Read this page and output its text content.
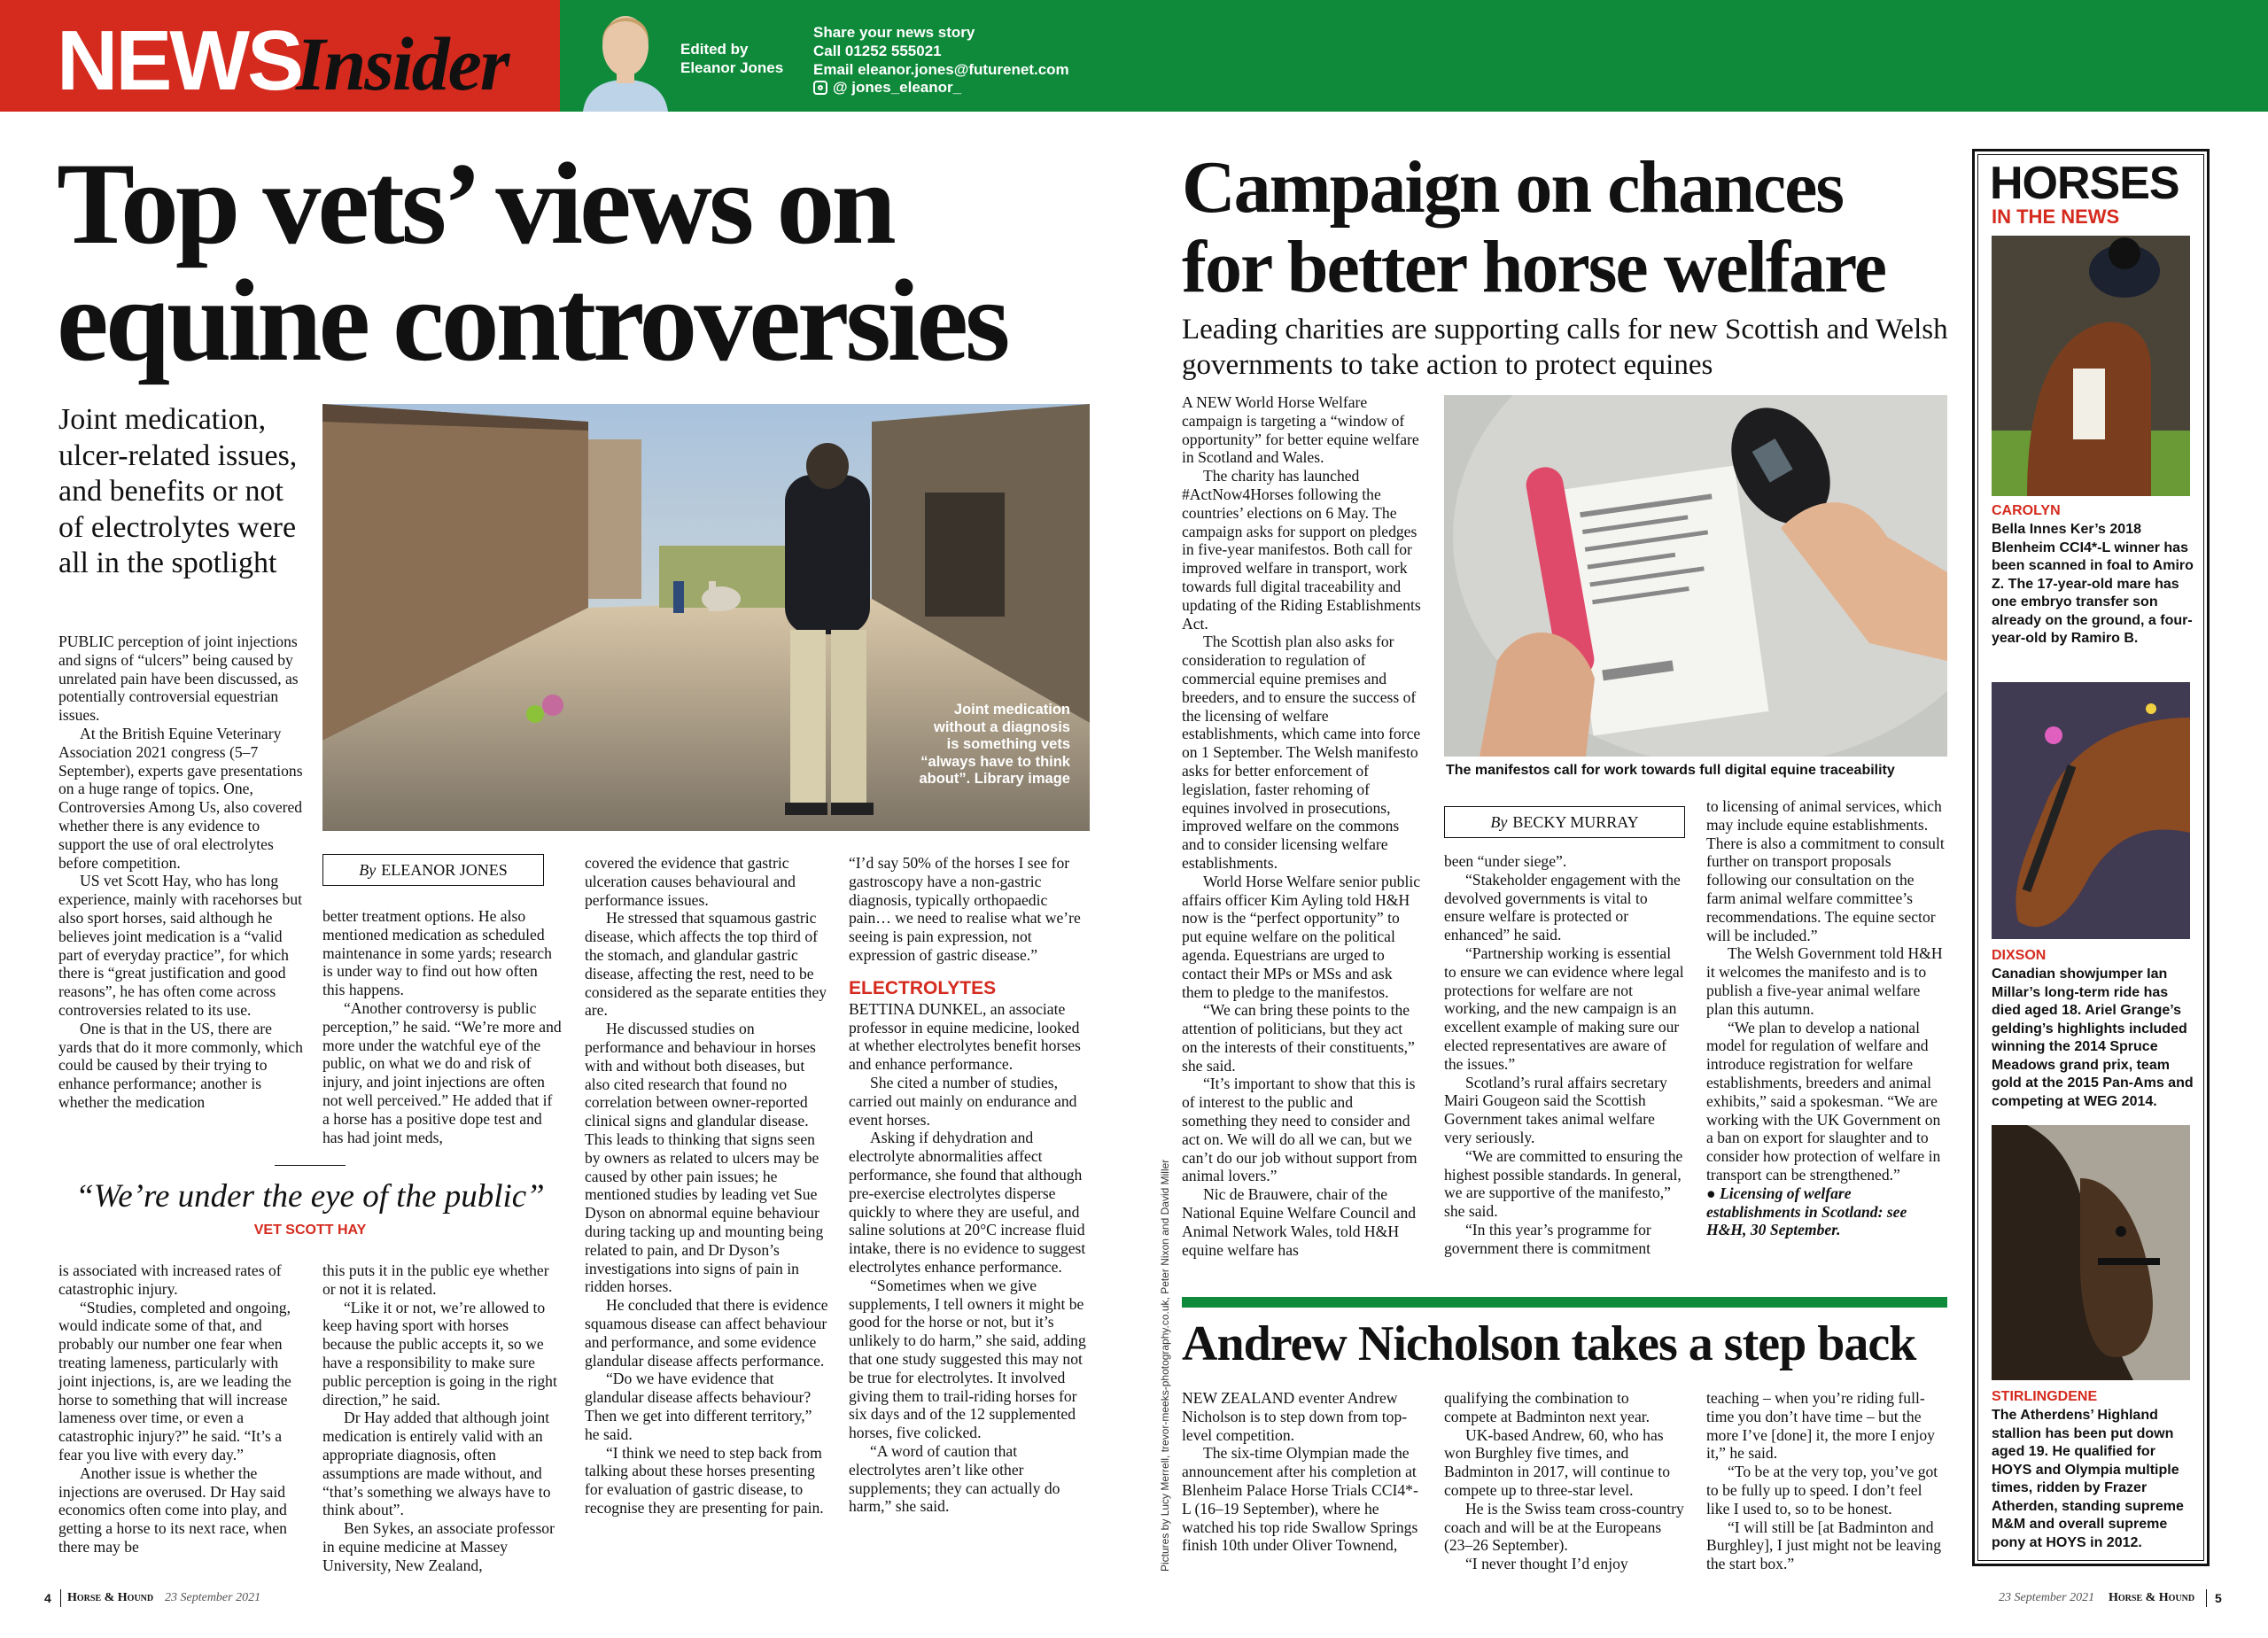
NEWS
Insider	Edited by
Eleanor Jones
Share your news story
Call 01252 555021
Email eleanor.jones@futurenet.com
@ jones_eleanor_
Top vets’ views on
equine controversies
Joint medication, ulcer-related issues, and benefits or not of electrolytes were all in the spotlight
Joint medication without a diagnosis is something vets “always have to think about”. Library image

PUBLIC perception of joint injections and signs of “ulcers” being caused by unrelated pain have been discussed, as potentially controversial equestrian issues.

At the British Equine Veterinary Association 2021 congress (5–7 September), experts gave presentations on a huge range of topics. One, Controversies Among Us, also covered whether there is any evidence to support the use of oral electrolytes before competition.

US vet Scott Hay, who has long experience, mainly with racehorses but also sport horses, said although he believes joint medication is a “valid part of everyday practice”, for which there is “great justification and good reasons”, he has often come across controversies related to its use.

One is that in the US, there are yards that do it more commonly, which could be caused by their trying to enhance performance; another is whether the medication

By ELEANOR JONES

better treatment options. He also mentioned medication as scheduled maintenance in some yards; research is under way to find out how often this happens.

“Another controversy is public perception,” he said. “We’re more and more under the watchful eye of the public, on what we do and risk of injury, and joint injections are often not well perceived.” He added that if a horse has a positive dope test and has had joint meds,

“We’re under the eye of the public”
VET SCOTT HAY

is associated with increased rates of catastrophic injury.

“Studies, completed and ongoing, would indicate some of that, and probably our number one fear when treating lameness, particularly with joint injections, is, are we leading the horse to something that will increase lameness over time, or even a catastrophic injury?” he said. “It’s a fear you live with every day.”

Another issue is whether the injections are overused. Dr Hay said economics often come into play, and getting a horse to its next race, when there may be

this puts it in the public eye whether or not it is related.

“Like it or not, we’re allowed to keep having sport with horses because the public accepts it, so we have a responsibility to make sure public perception is going in the right direction,” he said.

Dr Hay added that although joint medication is entirely valid with an appropriate diagnosis, often assumptions are made without, and “that’s something we always have to think about”.

Ben Sykes, an associate professor in equine medicine at Massey University, New Zealand,

covered the evidence that gastric ulceration causes behavioural and performance issues.

He stressed that squamous gastric disease, which affects the top third of the stomach, and glandular gastric disease, affecting the rest, need to be considered as the separate entities they are.

He discussed studies on performance and behaviour in horses with and without both diseases, but also cited research that found no correlation between owner-reported clinical signs and glandular disease. This leads to thinking that signs seen by owners as related to ulcers may be caused by other pain issues; he mentioned studies by leading vet Sue Dyson on abnormal equine behaviour during tacking up and mounting being related to pain, and Dr Dyson’s investigations into signs of pain in ridden horses.

He concluded that there is evidence squamous disease can affect behaviour and performance, and some evidence glandular disease affects performance.

“Do we have evidence that glandular disease affects behaviour? Then we get into different territory,” he said.

“I think we need to step back from talking about these horses presenting for evaluation of gastric disease, to recognise they are presenting for pain.

“I’d say 50% of the horses I see for gastroscopy have a non-gastric diagnosis, typically orthopaedic pain… we need to realise what we’re seeing is pain expression, not expression of gastric disease.”

ELECTROLYTES

BETTINA DUNKEL, an associate professor in equine medicine, looked at whether electrolytes benefit horses and enhance performance.

She cited a number of studies, carried out mainly on endurance and event horses.

Asking if dehydration and electrolyte abnormalities affect performance, she found that although pre-exercise electrolytes disperse quickly to where they are useful, and saline solutions at 20°C increase fluid intake, there is no evidence to suggest electrolytes enhance performance.

“Sometimes when we give supplements, I tell owners it might be good for the horse or not, but it’s unlikely to do harm,” she said, adding that one study suggested this may not be true for electrolytes. It involved giving them to trail-riding horses for six days and of the 12 supplemented horses, five colicked.

“A word of caution that electrolytes aren’t like other supplements; they can actually do harm,” she said.

4 Horse & Hound 23 September 2021
Campaign on chances
for better horse welfare
Leading charities are supporting calls for new Scottish and Welsh governments to take action to protect equines

A NEW World Horse Welfare campaign is targeting a “window of opportunity” for better equine welfare in Scotland and Wales.

The charity has launched #ActNow4Horses following the countries’ elections on 6 May. The campaign asks for support on pledges in five-year manifestos. Both call for improved welfare in transport, work towards full digital traceability and updating of the Riding Establishments Act.

The Scottish plan also asks for consideration to regulation of commercial equine premises and breeders, and to ensure the success of the licensing of welfare establishments, which came into force on 1 September. The Welsh manifesto asks for better enforcement of legislation, faster rehoming of equines involved in prosecutions, improved welfare on the commons and to consider licensing welfare establishments.

World Horse Welfare senior public affairs officer Kim Ayling told H&H now is the “perfect opportunity” to put equine welfare on the political agenda. Equestrians are urged to contact their MPs or MSs and ask them to pledge to the manifestos.

“We can bring these points to the attention of politicians, but they act on the interests of their constituents,” she said.

“It’s important to show that this is of interest to the public and something they need to consider and act on. We will do all we can, but we can’t do our job without support from animal lovers.”

Nic de Brauwere, chair of the National Equine Welfare Council and Animal Network Wales, told H&H equine welfare has

The manifestos call for work towards full digital equine traceability
Pictures by Lucy Merrell, trevor-meeks-photography.co.uk, Peter Nixon and David Miller
By BECKY MURRAY

been “under siege”.

“Stakeholder engagement with the devolved governments is vital to ensure welfare is protected or enhanced” he said.

“Partnership working is essential to ensure we can evidence where legal protections for welfare are not working, and the new campaign is an excellent example of making sure our elected representatives are aware of the issues.”

Scotland’s rural affairs secretary Mairi Gougeon said the Scottish Government takes animal welfare very seriously.

“We are committed to ensuring the highest possible standards. In general, we are supportive of the manifesto,” she said.

“In this year’s programme for government there is commitment

to licensing of animal services, which may include equine establishments. There is also a commitment to consult further on transport proposals following our consultation on the farm animal welfare committee’s recommendations. The equine sector will be included.”

The Welsh Government told H&H it welcomes the manifesto and is to publish a five-year animal welfare plan this autumn.

“We plan to develop a national model for regulation of welfare and introduce registration for welfare establishments, breeders and animal exhibits,” said a spokesman. “We are working with the UK Government on a ban on export for slaughter and to consider how protection of welfare in transport can be strengthened.”

● Licensing of welfare establishments in Scotland: see H&H, 30 September.

Andrew Nicholson takes a step back

NEW ZEALAND eventer Andrew Nicholson is to step down from top-level competition.

The six-time Olympian made the announcement after his completion at Blenheim Palace Horse Trials CCI4*-L (16–19 September), where he watched his top ride Swallow Springs finish 10th under Oliver Townend,

qualifying the combination to compete at Badminton next year.

UK-based Andrew, 60, who has won Burghley five times, and Badminton in 2017, will continue to compete up to three-star level.

He is the Swiss team cross-country coach and will be at the Europeans (23–26 September).

“I never thought I’d enjoy

teaching – when you’re riding full-time you don’t have time – but the more I’ve [done] it, the more I enjoy it,” he said.

“To be at the very top, you’ve got to be fully up to speed. I don’t feel like I used to, so to be honest.

“I will still be [at Badminton and Burghley], I just might not be leaving the start box.”

HORSES
IN THE NEWS
CAROLYN
Bella Innes Ker’s 2018 Blenheim CCI4*-L winner has been scanned in foal to Amiro Z. The 17-year-old mare has one embryo transfer son already on the ground, a four-year-old by Ramiro B.
DIXSON
Canadian showjumper Ian Millar’s long-term ride has died aged 18. Ariel Grange’s gelding’s highlights included winning the 2014 Spruce Meadows grand prix, team gold at the 2015 Pan-Ams and competing at WEG 2014.
STIRLINGDENE
The Atherdens’ Highland stallion has been put down aged 19. He qualified for HOYS and Olympia multiple times, ridden by Frazer Atherden, standing supreme M&M and overall supreme pony at HOYS in 2012.
23 September 2021 Horse & Hound 5
